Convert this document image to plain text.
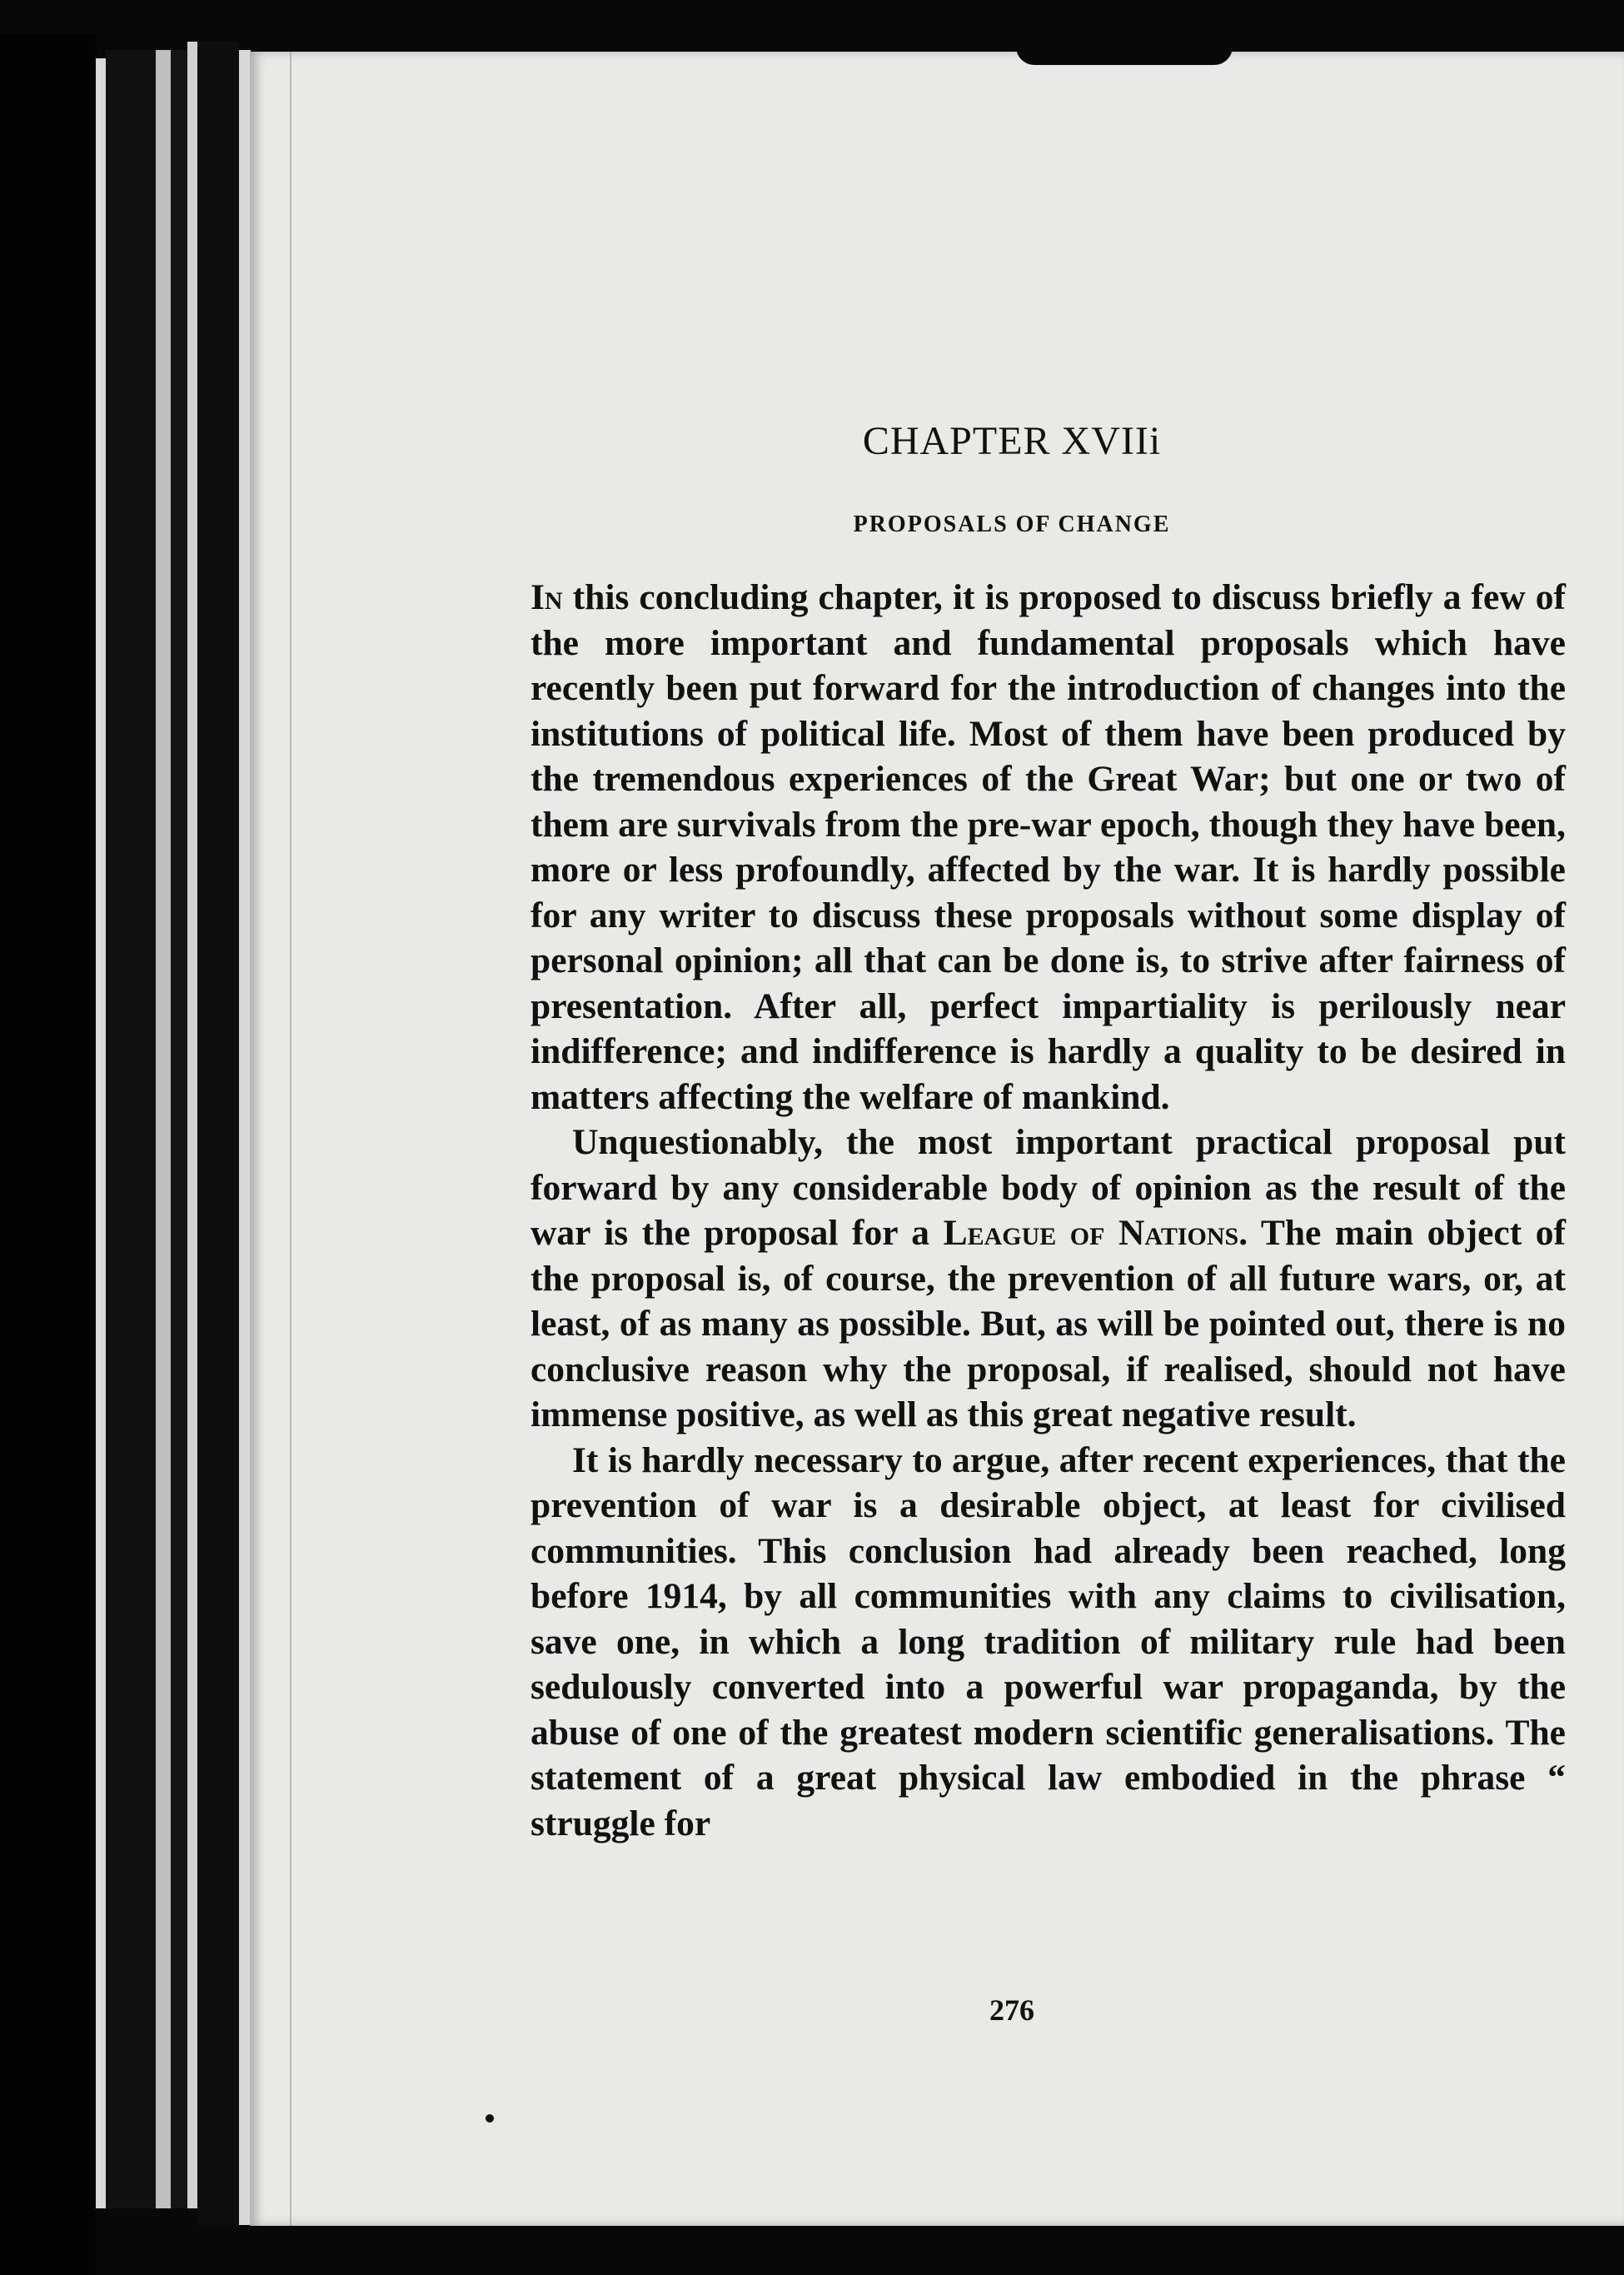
CHAPTER XVIIi
PROPOSALS OF CHANGE

In this concluding chapter, it is proposed to discuss briefly a few of the more important and fundamental proposals which have recently been put forward for the introduction of changes into the institutions of political life. Most of them have been produced by the tremendous experiences of the Great War; but one or two of them are survivals from the pre-war epoch, though they have been, more or less profoundly, affected by the war. It is hardly possible for any writer to discuss these proposals without some display of personal opinion; all that can be done is, to strive after fairness of presentation. After all, perfect impartiality is perilously near indifference; and indifference is hardly a quality to be desired in matters affecting the welfare of mankind.

Unquestionably, the most important practical proposal put forward by any considerable body of opinion as the result of the war is the proposal for a League of Nations. The main object of the proposal is, of course, the prevention of all future wars, or, at least, of as many as possible. But, as will be pointed out, there is no conclusive reason why the proposal, if realised, should not have immense positive, as well as this great negative result.

It is hardly necessary to argue, after recent experiences, that the prevention of war is a desirable object, at least for civilised communities. This conclusion had already been reached, long before 1914, by all communities with any claims to civilisation, save one, in which a long tradition of military rule had been sedulously converted into a powerful war propaganda, by the abuse of one of the greatest modern scientific generalisations. The statement of a great physical law embodied in the phrase “ struggle for

276
